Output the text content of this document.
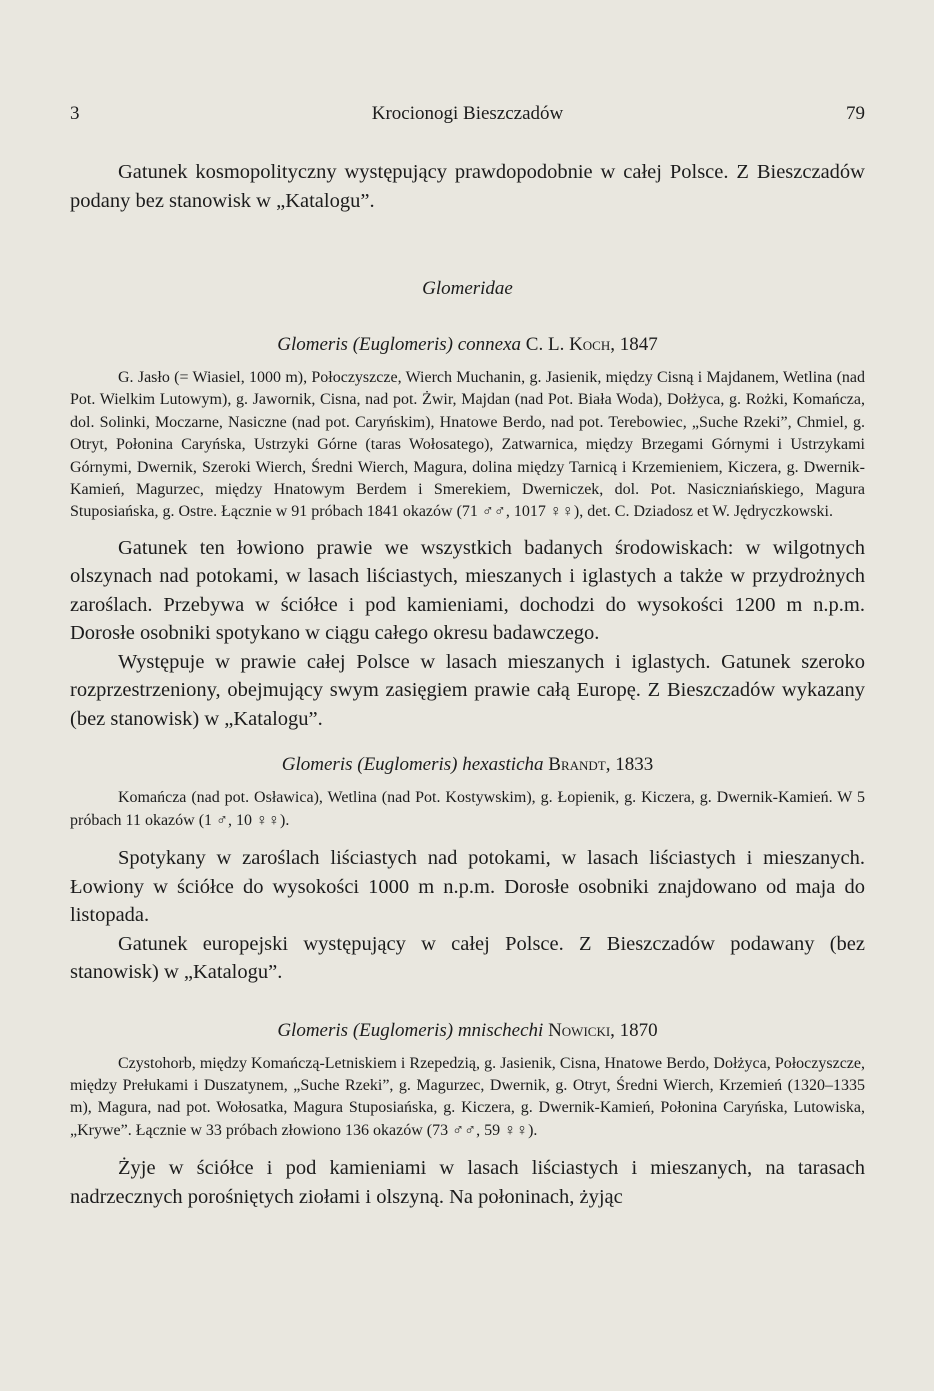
3	Krocionogi Bieszczadów	79

Gatunek kosmopolityczny występujący prawdopodobnie w całej Polsce. Z Bieszczadów podany bez stanowisk w „Katalogu”.

Glomeridae
Glomeris (Euglomeris) connexa C. L. Koch, 1847

G. Jasło (= Wiasiel, 1000 m), Połoczyszcze, Wierch Muchanin, g. Jasienik, między Cisną i Majdanem, Wetlina (nad Pot. Wielkim Lutowym), g. Jawornik, Cisna, nad pot. Żwir, Majdan (nad Pot. Biała Woda), Dołżyca, g. Rożki, Komańcza, dol. Solinki, Moczarne, Nasiczne (nad pot. Caryńskim), Hnatowe Berdo, nad pot. Terebowiec, „Suche Rzeki”, Chmiel, g. Otryt, Połonina Caryńska, Ustrzyki Górne (taras Wołosatego), Zatwarnica, między Brzegami Górnymi i Ustrzykami Górnymi, Dwernik, Szeroki Wierch, Średni Wierch, Magura, dolina między Tarnicą i Krzemieniem, Kiczera, g. Dwernik-Kamień, Magurzec, między Hnatowym Berdem i Smerekiem, Dwerniczek, dol. Pot. Nasiczniańskiego, Magura Stuposiańska, g. Ostre. Łącznie w 91 próbach 1841 okazów (71 ♂♂, 1017 ♀♀), det. C. Dziadosz et W. Jędryczkowski.

Gatunek ten łowiono prawie we wszystkich badanych środowiskach: w wilgotnych olszynach nad potokami, w lasach liściastych, mieszanych i iglastych a także w przydrożnych zaroślach. Przebywa w ściółce i pod kamieniami, dochodzi do wysokości 1200 m n.p.m. Dorosłe osobniki spotykano w ciągu całego okresu badawczego.

Występuje w prawie całej Polsce w lasach mieszanych i iglastych. Gatunek szeroko rozprzestrzeniony, obejmujący swym zasięgiem prawie całą Europę. Z Bieszczadów wykazany (bez stanowisk) w „Katalogu”.

Glomeris (Euglomeris) hexasticha Brandt, 1833

Komańcza (nad pot. Osławica), Wetlina (nad Pot. Kostywskim), g. Łopienik, g. Kiczera, g. Dwernik-Kamień. W 5 próbach 11 okazów (1 ♂, 10 ♀♀).

Spotykany w zaroślach liściastych nad potokami, w lasach liściastych i mieszanych. Łowiony w ściółce do wysokości 1000 m n.p.m. Dorosłe osobniki znajdowano od maja do listopada.

Gatunek europejski występujący w całej Polsce. Z Bieszczadów podawany (bez stanowisk) w „Katalogu”.

Glomeris (Euglomeris) mnischechi Nowicki, 1870

Czystohorb, między Komańczą-Letniskiem i Rzepedzią, g. Jasienik, Cisna, Hnatowe Berdo, Dołżyca, Połoczyszcze, między Prełukami i Duszatynem, „Suche Rzeki”, g. Magurzec, Dwernik, g. Otryt, Średni Wierch, Krzemień (1320–1335 m), Magura, nad pot. Wołosatka, Magura Stuposiańska, g. Kiczera, g. Dwernik-Kamień, Połonina Caryńska, Lutowiska, „Krywe”. Łącznie w 33 próbach złowiono 136 okazów (73 ♂♂, 59 ♀♀).

Żyje w ściółce i pod kamieniami w lasach liściastych i mieszanych, na tarasach nadrzecznych porośniętych ziołami i olszyną. Na połoninach, żyjąc
